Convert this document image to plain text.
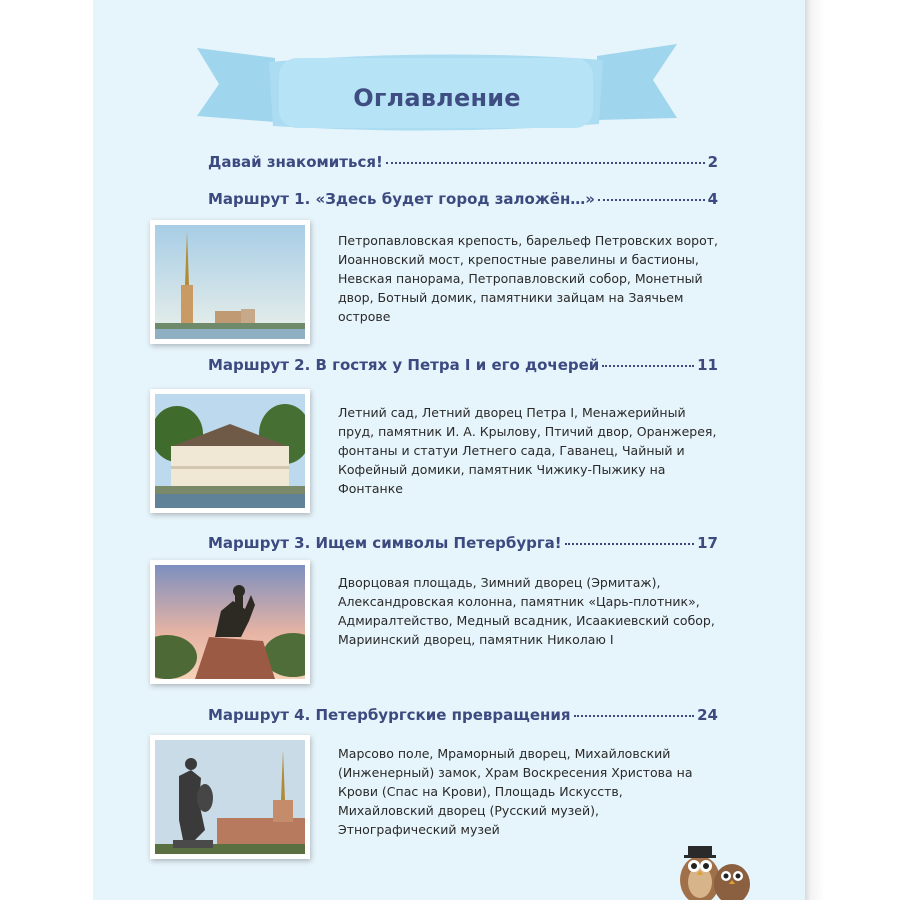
Оглавление
Давай знакомиться!	2
Маршрут 1. «Здесь будет город заложён…»	4

Петропавловская крепость, барельеф Петровских ворот, Иоанновский мост, крепостные равелины и бастионы, Невская панорама, Петропавловский собор, Монетный двор, Ботный домик, памятники зайцам на Заячьем острове

Маршрут 2. В гостях у Петра I и его дочерей	11

Летний сад, Летний дворец Петра I, Менажерийный пруд, памятник И. А. Крылову, Птичий двор, Оранжерея, фонтаны и статуи Летнего сада, Гаванец, Чайный и Кофейный домики, памятник Чижику-Пыжику на Фонтанке

Маршрут 3. Ищем символы Петербурга!	17

Дворцовая площадь, Зимний дворец (Эрмитаж), Александровская колонна, памятник «Царь-плотник», Адмиралтейство, Медный всадник, Исаакиевский собор, Мариинский дворец, памятник Николаю I

Маршрут 4. Петербургские превращения	24

Марсово поле, Мраморный дворец, Михайловский (Инженерный) замок, Храм Воскресения Христова на Крови (Спас на Крови), Площадь Искусств, Михайловский дворец (Русский музей), Этнографический музей
